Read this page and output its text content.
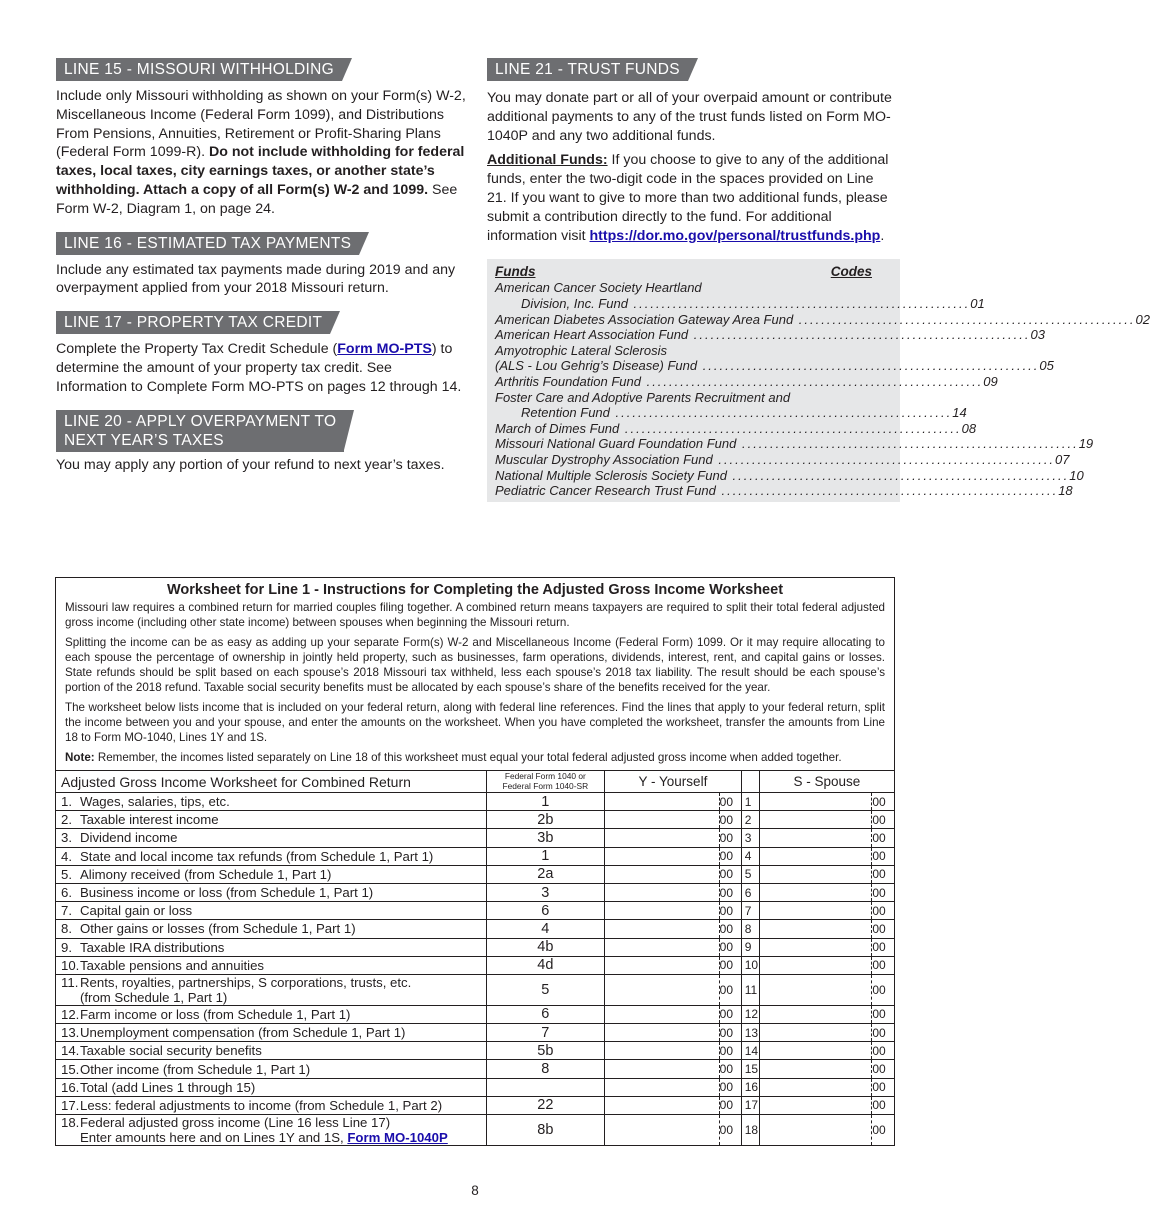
LINE 15 - MISSOURI WITHHOLDING

Include only Missouri withholding as shown on your Form(s) W-2, Miscellaneous Income (Federal Form 1099), and Distributions From Pensions, Annuities, Retirement or Profit-Sharing Plans (Federal Form 1099-R). Do not include withholding for federal taxes, local taxes, city earnings taxes, or another state’s withholding. Attach a copy of all Form(s) W-2 and 1099. See Form W-2, Diagram 1, on page 24.

LINE 16 - ESTIMATED TAX PAYMENTS

Include any estimated tax payments made during 2019 and any overpayment applied from your 2018 Missouri return.

LINE 17 - PROPERTY TAX CREDIT

Complete the Property Tax Credit Schedule (Form MO-PTS) to determine the amount of your property tax credit. See Information to Complete Form MO-PTS on pages 12 through 14.

LINE 20 - APPLY OVERPAYMENT TO
NEXT YEAR’S TAXES

You may apply any portion of your refund to next year’s taxes.

LINE 21 - TRUST FUNDS

You may donate part or all of your overpaid amount or contribute additional payments to any of the trust funds listed on Form MO-1040P and any two additional funds.

Additional Funds: If you choose to give to any of the additional funds, enter the two-digit code in the spaces provided on Line 21. If you want to give to more than two additional funds, please submit a contribution directly to the fund. For additional information visit https://dor.mo.gov/personal/trustfunds.php.

Funds	Codes
American Cancer Society Heartland
Division, Inc. Fund ............................................................ 01
American Diabetes Association Gateway Area Fund ............................................................ 02
American Heart Association Fund ............................................................ 03
Amyotrophic Lateral Sclerosis
(ALS - Lou Gehrig’s Disease) Fund ............................................................ 05
Arthritis Foundation Fund ............................................................ 09
Foster Care and Adoptive Parents Recruitment and
Retention Fund ............................................................ 14
March of Dimes Fund ............................................................ 08
Missouri National Guard Foundation Fund ............................................................ 19
Muscular Dystrophy Association Fund ............................................................ 07
National Multiple Sclerosis Society Fund ............................................................ 10
Pediatric Cancer Research Trust Fund ............................................................ 18
Worksheet for Line 1 - Instructions for Completing the Adjusted Gross Income Worksheet

Missouri law requires a combined return for married couples filing together. A combined return means taxpayers are required to split their total federal adjusted gross income (including other state income) between spouses when beginning the Missouri return.

Splitting the income can be as easy as adding up your separate Form(s) W-2 and Miscellaneous Income (Federal Form) 1099. Or it may require allocating to each spouse the percentage of ownership in jointly held property, such as businesses, farm operations, dividends, interest, rent, and capital gains or losses. State refunds should be split based on each spouse’s 2018 Missouri tax withheld, less each spouse’s 2018 tax liability. The result should be each spouse’s portion of the 2018 refund. Taxable social security benefits must be allocated by each spouse’s share of the benefits received for the year.

The worksheet below lists income that is included on your federal return, along with federal line references. Find the lines that apply to your federal return, split the income between you and your spouse, and enter the amounts on the worksheet. When you have completed the worksheet, transfer the amounts from Line 18 to Form MO-1040, Lines 1Y and 1S.

Note: Remember, the incomes listed separately on Line 18 of this worksheet must equal your total federal adjusted gross income when added together.

Adjusted Gross Income Worksheet for Combined Return	Federal Form 1040 or
Federal Form 1040-SR	Y - Yourself			S - Spouse	
1. Wages, salaries, tips, etc.	1		00	1		00
2. Taxable interest income	2b		00	2		00
3. Dividend income	3b		00	3		00
4. State and local income tax refunds (from Schedule 1, Part 1)	1		00	4		00
5. Alimony received (from Schedule 1, Part 1)	2a		00	5		00
6. Business income or loss (from Schedule 1, Part 1)	3		00	6		00
7. Capital gain or loss	6		00	7		00
8. Other gains or losses (from Schedule 1, Part 1)	4		00	8		00
9. Taxable IRA distributions	4b		00	9		00
10.Taxable pensions and annuities	4d		00	10		00
11. Rents, royalties, partnerships, S corporations, trusts, etc.
(from Schedule 1, Part 1)	5		00	11		00
12.Farm income or loss (from Schedule 1, Part 1)	6		00	12		00
13.Unemployment compensation (from Schedule 1, Part 1)	7		00	13		00
14.Taxable social security benefits	5b		00	14		00
15.Other income (from Schedule 1, Part 1)	8		00	15		00
16.Total (add Lines 1 through 15)			00	16		00
17.Less: federal adjustments to income (from Schedule 1, Part 2)	22		00	17		00
18.Federal adjusted gross income (Line 16 less Line 17)
Enter amounts here and on Lines 1Y and 1S, Form MO-1040P	8b		00	18		00
8
